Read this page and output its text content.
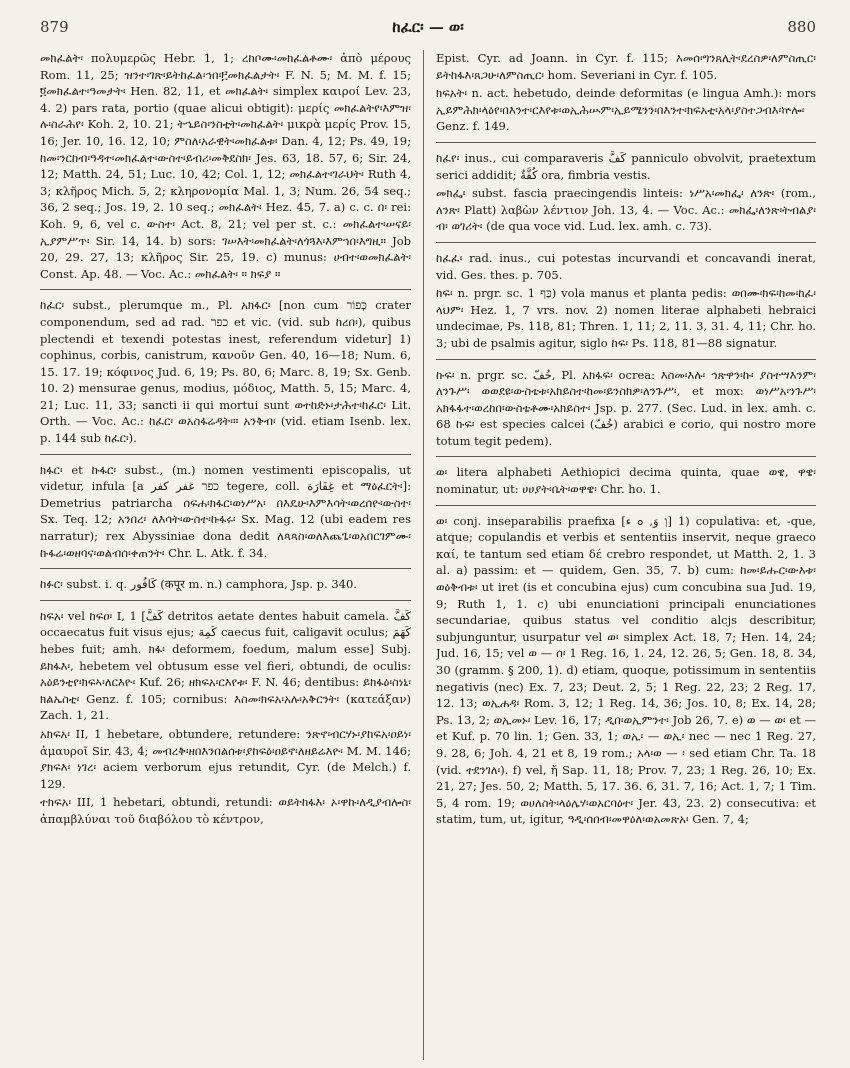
879	ከፈር፡ — ወ፡	880

መክፈልት፡ πολυμερῶς Hebr. 1, 1; ረከቦሙ፡መክፈልቶሙ፡ ἀπὸ μέρους Rom. 11, 25; ዝንተ፡ገጽ፡ይትከፈል፡ኅበ፡፫መክፈልታት፡ F. N. 5; M. M. f. 15; ፬መክፈልተ፡ዓመታት፡ Hen. 82, 11, et መክፈልት፡ simplex καιροί Lev. 23, 4. 2) pars rata, portio (quae alicui obtigit): μερίς መክፈልትየ፡እምዝ፡ሉ፡ስራሕየ፡ Koh. 2, 10. 21; ትኄይስ፡ንስቲት፡መክፈልት፡ μικρὰ μερίς Prov. 15, 16; Jer. 10, 16. 12, 10; ምስለ፡አራዊት፡መክፈልቱ፡ Dan. 4, 12; Ps. 49, 19; ከመ፡ንርከብ፡ዓዳተ፡መክፈልተ፡ውስተ፡ይብሪ፡መቅደስክ፡ Jes. 63, 18. 57, 6; Sir. 24, 12; Matth. 24, 51; Luc. 10, 42; Col. 1, 12; መክፈልተ፡ገራህት፡ Ruth 4, 3; κλῆρος Mich. 5, 2; κληρονομία Mal. 1, 3; Num. 26, 54 seq.; 36, 2 seq.; Jos. 19, 2. 10 seq.; መክፈልት፡ Hez. 45, 7. a) c. c. በ፡ rei: Koh. 9, 6, vel c. ውስተ፡ Act. 8, 21; vel per st. c.: መክፈልተ፡ሠናይ፡ኢያምሥጥ፡ Sir. 14, 14. b) sors: ገሠእት፡መክፈልት፡ለጎጓእ፡እምኀበ፡እግዚ። Job 20, 29. 27, 13; κλῆρος Sir. 25, 19. c) munus: ሀብተ፡ወመክፈልት፡ Const. Ap. 48. — Voc. Ac.: መክፈልት፡ ። ክፍያ ።

ከፈር፡ subst., plerumque m., Pl. አክፋር፡ [non cum כְּפוֹר crater componendum, sed ad rad. כפר et vic. (vid. sub ከረበ፡), quibus plectendi et texendi potestas inest, referendum videtur] 1) cophinus, corbis, canistrum, κανοῦν Gen. 40, 16—18; Num. 6, 15. 17. 19; κόφινος Jud. 6, 19; Ps. 80, 6; Marc. 8, 19; Sx. Genb. 10. 2) mensurae genus, modius, μόδιος, Matth. 5, 15; Marc. 4, 21; Luc. 11, 33; sancti ii qui mortui sunt ወተከድኑ፡ታሕተ፡ከፈር፡ Lit. Orth. — Voc. Ac.: ከፈር፡ ወአስፋሬዳት፡። አንቅብ፡ (vid. etiam Isenb. lex. p. 144 sub ከፈር፡).

ክፋር፡ et ኩፋር፡ subst., (m.) nomen vestimenti episcopalis, ut videtur, infula [a כפר غفر كفر tegere, coll. غِفَارَة et ማዕፈርት፡]: Demetrius patriarcha ሰፍሐ፡ክፋር፡ወነሥአ፡ በእዴሁ፡እምእሳት፡ወረሰዮ፡ውስተ፡ Sx. Teq. 12; አንበረ፡ ለእሳት፡ውስተ፡ኩፋሩ፡ Sx. Mag. 12 (ubi eadem res narratur); rex Abyssiniae dona dedit ለጳጳስ፡ወለእጨጌ፡ወአበርገምሙ፡ ኩፋሬ፡ወዘባና፡ወልብሰ፡ቀጠንት፡ Chr. L. Atk. f. 34.

ከፉር፡ subst. i. q. كَافُور (कपूर m. n.) camphora, Jsp. p. 340.

ከፍአ፡ vel ከፍዐ፡ I, 1 [كَفَّ detritos aetate dentes habuit camela. كَفَّ occaecatus fuit visus ejus; كَمِهَ caecus fuit, caligavit oculus; كَهَمَ hebes fuit; amh. ክፋ፡ deformem, foedum, malum esse] Subj. ይክፋእ፡, hebetem vel obtusum esse vel fieri, obtundi, de oculis: አዕይንቲየ፡ክፍኣ፡ለርእዮ፡ Kuf. 26; ዘክፍአ፡ርእየቱ፡ F. N. 46; dentibus: ይክፋዕ፡ስነኒ፡ክልኤስቲ፡ Genz. f. 105; cornibus: እስመ፡ክፍአ፡አሉ፡አቅርንት፡ (κατεάξαν) Zach. 1, 21.

አክፍአ፡ II, 1 hebetare, obtundere, retundere: ንጽኖ፡ብርሃኑ፡ያከፍአ፡ዐይነ፡ ἀμαυροῖ Sir. 43, 4; መብረቅ፡ዘበእንበልሰቱ፡ያከፍዕ፡ዐይኖ፡ለዘይሬእዮ፡ M. M. 146; ያክፍእ፡ ነገረ፡ aciem verborum ejus retundit, Cyr. (de Melch.) f. 129.

ተክፍአ፡ III, 1 hebetari, obtundi, retundi: ወይትከፋእ፡ ኦ፡ዋኩ፡ለዲያብሎስ፡ ἀπαμβλύναι τοῦ διαβόλου τὸ κέντρον,

Epist. Cyr. ad Joann. in Cyr. f. 115; እመሰ፡ግንጸሊት፡ደረስዎ፡ለምስጢር፡ይትከፋእ፡ጸጋሁ፡ለምስጢር፡ hom. Severiani in Cyr. f. 105.

ክፍአት፡ n. act. hebetudo, deinde deformitas (e lingua Amh.): mors ኢይምሕክ፡ላዕየ፡በእንተ፡ርእየቱ፡ወኢሕሡም፡ኢይሜንን፡በእንተ፡ክፍአቲ፡አላ፡ያስተጋብእ፡ኵሎ፡ Genz. f. 149.

ከፈየ፡ inus., cui comparaveris كَفَّ panniculo obvolvit, praetextum serici addidit; كُفَّةٌ ora, fimbria vestis.

መክፌ፡ subst. fascia praecingendis linteis: ነሥአ፡መክፌ፡ ለንጽ፡ (rom., ለንጽ፡ Platt) λαβὼν λέντιον Joh. 13, 4. — Voc. Ac.: መክፌ፡ለንጽ፡ትብልያ፡ብ፡ ወገሪት፡ (de qua voce vid. Lud. lex. amh. c. 73).

ከፈፈ፡ rad. inus., cui potestas incurvandi et concavandi inerat, vid. Ges. thes. p. 705.

ከፍ፡ n. prgr. sc. כַּף 1) vola manus et planta pedis: ወበሙ፡ክፍ፡ከመ፡ከፈ፡ላህም፡ Hez. 1, 7 vrs. nov. 2) nomen literae alphabeti hebraici undecimae, Ps. 118, 81; Thren. 1, 11; 2, 11. 3, 31. 4, 11; Chr. ho. 3; ubi de psalmis agitur, siglo ከፍ፡ Ps. 118, 81—88 signatur.

ኩፍ፡ n. prgr. sc. خُفّ, Pl. አክፋፍ፡ ocrea: እስመ፡እሉ፡ ኅጽዋን፡ኩ፡ ያስተሣእንም፡ለንጉሥ፡ ወወደዩ፡ውስቴቱ፡አክይስተ፡ከመ፡ይንስክዎ፡ለንጉሥ፡, et mox: ወነሥአ፡ንጉሥ፡አክፋፋተ፡ወረከበ፡ውስቴቶሙ፡አክይስተ፡ Jsp. p. 277. (Sec. Lud. in lex. amh. c. 68 ኩፍ፡ est species calcei (خُفّ) arabici e corio, qui nostro more totum tegit pedem).

ወ፡ litera alphabeti Aethiopici decima quinta, quae ወዌ, ዋዌ፡ nominatur, ut: ሀሀያት፡ቤት፡ወዋዌ፡ Chr. ho. 1.

ወ፡ conj. inseparabilis praefixa [וְ وَ, ܘ ﺀ] 1) copulativa: et, -que, atque; copulandis et verbis et sententiis inservit, neque graeco καί, te tantum sed etiam δέ crebro respondet, ut Matth. 2, 1. 3 al. a) passim: et — quidem, Gen. 35, 7. b) cum: ከመ፡ይሑር፡ውእቱ፡ወዕቅብቱ፡ ut iret (is et concubina ejus) cum concubina sua Jud. 19, 9; Ruth 1, 1. c) ubi enunciationi principali enunciationes secundariae, quibus status vel conditio alcjs describitur, subjunguntur, usurpatur vel ወ፡ simplex Act. 18, 7; Hen. 14, 24; Jud. 16, 15; vel ወ — ሰ፡ 1 Reg. 16, 1. 24, 12. 26, 5; Gen. 18, 8. 34, 30 (gramm. § 200, 1). d) etiam, quoque, potissimum in sententiis negativis (nec) Ex. 7, 23; Deut. 2, 5; 1 Reg. 22, 23; 2 Reg. 17, 12. 13; ወኢሐዳ፡ Rom. 3, 12; 1 Reg. 14, 36; Jos. 10, 8; Ex. 14, 28; Ps. 13, 2; ወኢመኑ፡ Lev. 16, 17; ዲበ፡ወኢምንተ፡ Job 26, 7. e) ወ — ወ፡ et — et Kuf. p. 70 lin. 1; Gen. 33, 1; ወኢ፡ — ወኢ፡ nec — nec 1 Reg. 27, 9. 28, 6; Joh. 4, 21 et 8, 19 rom.; አላ፡ወ — ፡ sed etiam Chr. Ta. 18 (vid. ተደንገለ፡). f) vel, ἤ Sap. 11, 18; Prov. 7, 23; 1 Reg. 26, 10; Ex. 21, 27; Jes. 50, 2; Matth. 5, 17. 36. 6, 31. 7, 16; Act. 1, 7; 1 Tim. 5, 4 rom. 19; ወሀለስት፡ላዕሌሃ፡ወአርባዕተ፡ Jer. 43, 23. 2) consecutiva: et statim, tum, ut, igitur, ዓዲ፡ሰበብ፡መዋዕለ፡ወአመጽአ፡ Gen. 7, 4;
